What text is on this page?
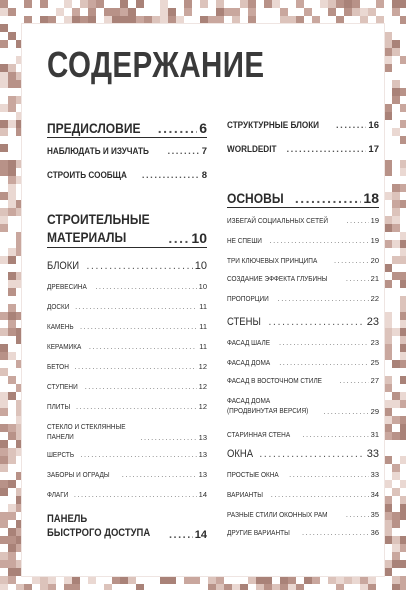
СОДЕРЖАНИЕ
ПРЕДИСЛОВИЕ .....	6
НАБЛЮДАТЬ И ИЗУЧАТЬ .....	7
СТРОИТЬ СООБЩА .....	8
СТРОИТЕЛЬНЫЕ
МАТЕРИАЛЫ .....	10
БЛОКИ .....	10
ДРЕВЕСИНА .....	10
ДОСКИ .....	11
КАМЕНЬ .....	11
КЕРАМИКА .....	11
БЕТОН .....	12
СТУПЕНИ .....	12
ПЛИТЫ .....	12
СТЕКЛО И СТЕКЛЯННЫЕ
ПАНЕЛИ .....	13
ШЕРСТЬ .....	13
ЗАБОРЫ И ОГРАДЫ .....	13
ФЛАГИ .....	14
ПАНЕЛЬ
БЫСТРОГО ДОСТУПА .....	14
СТРУКТУРНЫЕ БЛОКИ .....	16
WORLDEDIT .....	17
ОСНОВЫ .....	18
ИЗБЕГАЙ СОЦИАЛЬНЫХ СЕТЕЙ .....	19
НЕ СПЕШИ .....	19
ТРИ КЛЮЧЕВЫХ ПРИНЦИПА .....	20
СОЗДАНИЕ ЭФФЕКТА ГЛУБИНЫ .....	21
ПРОПОРЦИИ .....	22
СТЕНЫ .....	23
ФАСАД ШАЛЕ .....	23
ФАСАД ДОМА .....	25
ФАСАД В ВОСТОЧНОМ СТИЛЕ .....	27
ФАСАД ДОМА
(ПРОДВИНУТАЯ ВЕРСИЯ) .....	29
СТАРИННАЯ СТЕНА .....	31
ОКНА .....	33
ПРОСТЫЕ ОКНА .....	33
ВАРИАНТЫ .....	34
РАЗНЫЕ СТИЛИ ОКОННЫХ РАМ .....	35
ДРУГИЕ ВАРИАНТЫ .....	36
